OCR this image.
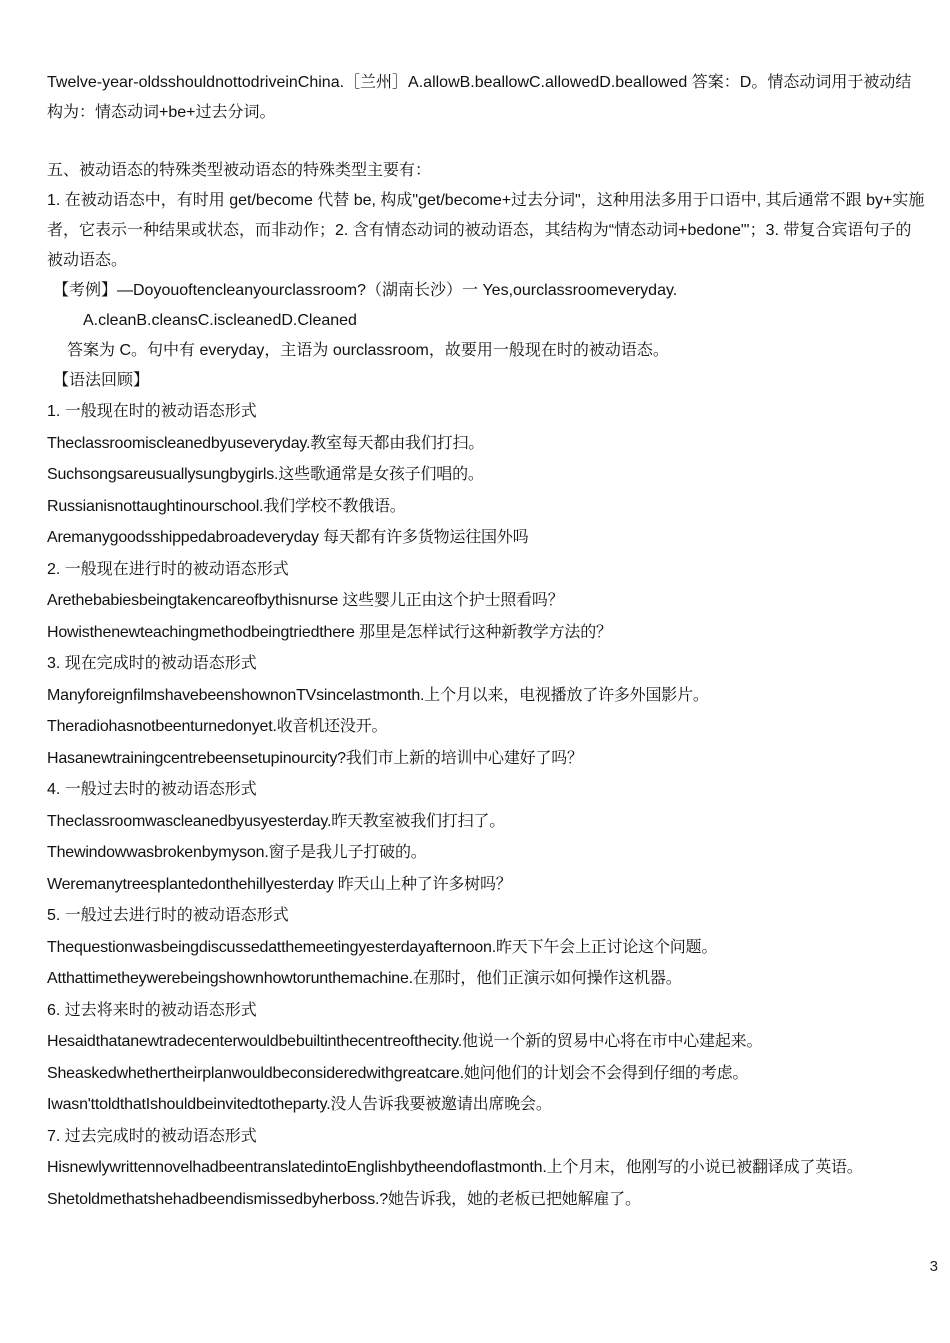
Twelve-year-oldsshouldnottodriveinChina.［兰州］A.allowB.beallowC.allowedD.beallowed 答案：D。情态动词用于被动结构为：情态动词+be+过去分词。

五、被动语态的特殊类型被动语态的特殊类型主要有：

1. 在被动语态中，有时用 get/become 代替 be, 构成"get/become+过去分词"，这种用法多用于口语中, 其后通常不跟 by+实施者，它表示一种结果或状态，而非动作；2. 含有情态动词的被动语态，其结构为“情态动词+bedone"'；3. 带复合宾语句子的被动语态。

【考例】—Doyouoftencleanyourclassroom?（湖南长沙）一 Yes,ourclassroomeveryday.

A.cleanB.cleansC.iscleanedD.Cleaned

答案为 C。句中有 everyday，主语为 ourclassroom，故要用一般现在时的被动语态。

【语法回顾】

1. 一般现在时的被动语态形式

Theclassroomiscleanedbyuseveryday.教室每天都由我们打扫。

Suchsongsareusuallysungbygirls.这些歌通常是女孩子们唱的。

Russianisnottaughtinourschool.我们学校不教俄语。

Aremanygoodsshippedabroadeveryday 每天都有许多货物运往国外吗

2. 一般现在进行时的被动语态形式

Arethebabiesbeingtakencareofbythisnurse 这些婴儿正由这个护士照看吗？

Howisthenewteachingmethodbeingtriedthere 那里是怎样试行这种新教学方法的？

3. 现在完成时的被动语态形式

ManyforeignfilmshavebeenshownonTVsincelastmonth.上个月以来，电视播放了许多外国影片。

Theradiohasnotbeenturnedonyet.收音机还没开。

Hasanewtrainingcentrebeensetupinourcity?我们市上新的培训中心建好了吗？

4. 一般过去时的被动语态形式

Theclassroomwascleanedbyusyesterday.昨天教室被我们打扫了。

Thewindowwasbrokenbymyson.窗子是我儿子打破的。

Weremanytreesplantedonthehillyesterday 昨天山上种了许多树吗？

5. 一般过去进行时的被动语态形式

Thequestionwasbeingdiscussedatthemeetingyesterdayafternoon.昨天下午会上正讨论这个问题。

Atthattimetheywerebeingshownhowtorunthemachine.在那时，他们正演示如何操作这机器。

6. 过去将来时的被动语态形式

Hesaidthatanewtradecenterwouldbebuiltinthecentreofthecity.他说一个新的贸易中心将在市中心建起来。

Sheaskedwhethertheirplanwouldbeconsideredwithgreatcare.她问他们的计划会不会得到仔细的考虑。

Iwasn'ttoldthatIshouldbeinvitedtotheparty.没人告诉我要被邀请出席晚会。

7. 过去完成时的被动语态形式

HisnewlywrittennovelhadbeentranslatedintoEnglishbytheendoflastmonth.上个月末，他刚写的小说已被翻译成了英语。

Shetoldmethatshehadbeendismissedbyherboss.?她告诉我，她的老板已把她解雇了。

3
